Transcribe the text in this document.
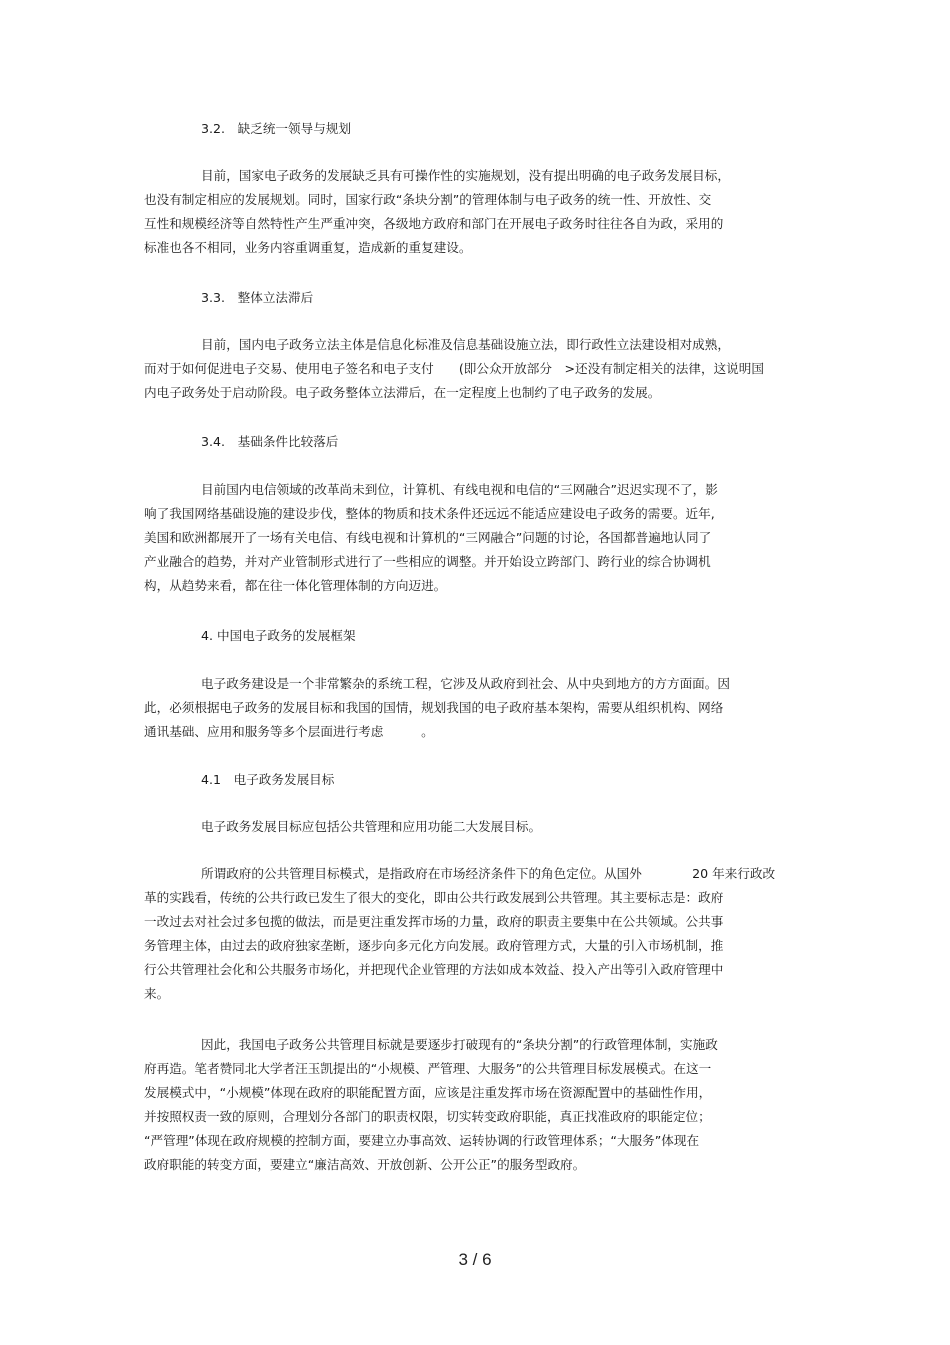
3.2.　缺乏统一领导与规划
目前，国家电子政务的发展缺乏具有可操作性的实施规划，没有提出明确的电子政务发展目标，
也没有制定相应的发展规划。同时，国家行政“条块分割”的管理体制与电子政务的统一性、开放性、交
互性和规模经济等自然特性产生严重冲突，各级地方政府和部门在开展电子政务时往往各自为政，采用的
标准也各不相同，业务内容重调重复，造成新的重复建设。
3.3.　整体立法滞后
目前，国内电子政务立法主体是信息化标准及信息基础设施立法，即行政性立法建设相对成熟，
而对于如何促进电子交易、使用电子签名和电子支付　　(即公众开放部分　>还没有制定相关的法律，这说明国
内电子政务处于启动阶段。电子政务整体立法滞后，在一定程度上也制约了电子政务的发展。
3.4.　基础条件比较落后
目前国内电信领域的改革尚未到位，计算机、有线电视和电信的“三网融合”迟迟实现不了，影
响了我国网络基础设施的建设步伐，整体的物质和技术条件还远远不能适应建设电子政务的需要。近年,
美国和欧洲都展开了一场有关电信、有线电视和计算机的“三网融合”问题的讨论，各国都普遍地认同了
产业融合的趋势，并对产业管制形式进行了一些相应的调整。并开始设立跨部门、跨行业的综合协调机
构，从趋势来看，都在往一体化管理体制的方向迈进。
4. 中国电子政务的发展框架
电子政务建设是一个非常繁杂的系统工程，它涉及从政府到社会、从中央到地方的方方面面。因
此，必须根据电子政务的发展目标和我国的国情，规划我国的电子政府基本架构，需要从组织机构、网络
通讯基础、应用和服务等多个层面进行考虑　　　。
4.1　电子政务发展目标
电子政务发展目标应包括公共管理和应用功能二大发展目标。
所谓政府的公共管理目标模式，是指政府在市场经济条件下的角色定位。从国外　　　　20 年来行政改
革的实践看，传统的公共行政已发生了很大的变化，即由公共行政发展到公共管理。其主要标志是：政府
一改过去对社会过多包揽的做法，而是更注重发挥市场的力量，政府的职责主要集中在公共领域。公共事
务管理主体，由过去的政府独家垄断，逐步向多元化方向发展。政府管理方式，大量的引入市场机制，推
行公共管理社会化和公共服务市场化，并把现代企业管理的方法如成本效益、投入产出等引入政府管理中
来。
因此，我国电子政务公共管理目标就是要逐步打破现有的“条块分割”的行政管理体制，实施政
府再造。笔者赞同北大学者汪玉凯提出的“小规模、严管理、大服务”的公共管理目标发展模式。在这一
发展模式中，“小规模”体现在政府的职能配置方面，应该是注重发挥市场在资源配置中的基础性作用，
并按照权责一致的原则，合理划分各部门的职责权限，切实转变政府职能，真正找准政府的职能定位；
“严管理”体现在政府规模的控制方面，要建立办事高效、运转协调的行政管理体系；“大服务”体现在
政府职能的转变方面，要建立“廉洁高效、开放创新、公开公正”的服务型政府。
3 / 6
